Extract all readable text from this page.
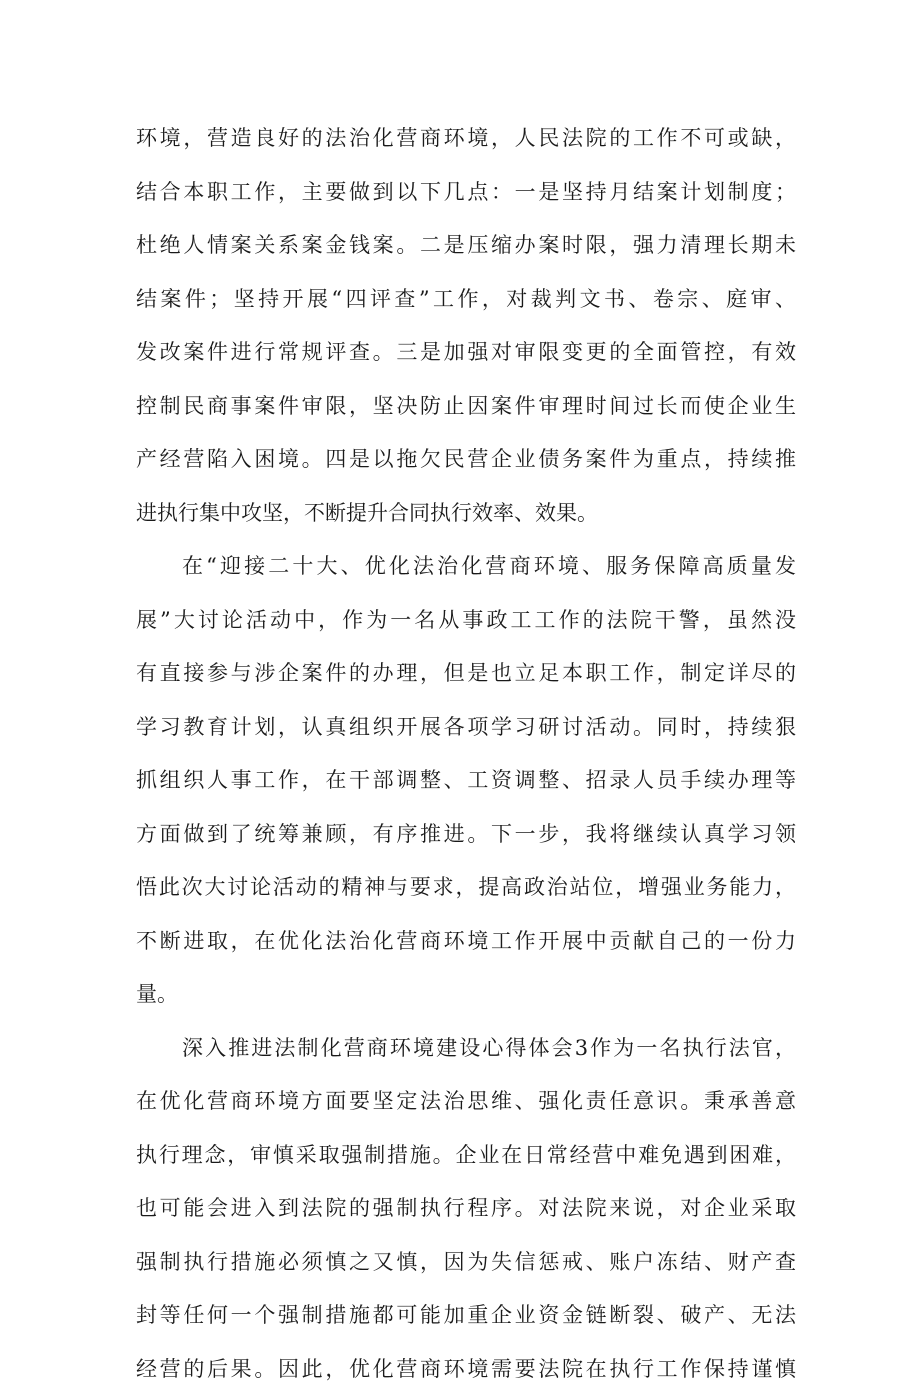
环境，营造良好的法治化营商环境，人民法院的工作不可或缺，
结合本职工作，主要做到以下几点：一是坚持月结案计划制度；
杜绝人情案关系案金钱案。二是压缩办案时限，强力清理长期未
结案件；坚持开展“四评查”工作，对裁判文书、卷宗、庭审、
发改案件进行常规评查。三是加强对审限变更的全面管控，有效
控制民商事案件审限，坚决防止因案件审理时间过长而使企业生
产经营陷入困境。四是以拖欠民营企业债务案件为重点，持续推
进执行集中攻坚，不断提升合同执行效率、效果。

在“迎接二十大、优化法治化营商环境、服务保障高质量发
展”大讨论活动中，作为一名从事政工工作的法院干警，虽然没
有直接参与涉企案件的办理，但是也立足本职工作，制定详尽的
学习教育计划，认真组织开展各项学习研讨活动。同时，持续狠
抓组织人事工作，在干部调整、工资调整、招录人员手续办理等
方面做到了统筹兼顾，有序推进。下一步，我将继续认真学习领
悟此次大讨论活动的精神与要求，提高政治站位，增强业务能力，
不断进取，在优化法治化营商环境工作开展中贡献自己的一份力
量。

深入推进法制化营商环境建设心得体会3作为一名执行法官，
在优化营商环境方面要坚定法治思维、强化责任意识。秉承善意
执行理念，审慎采取强制措施。企业在日常经营中难免遇到困难，
也可能会进入到法院的强制执行程序。对法院来说，对企业采取
强制执行措施必须慎之又慎，因为失信惩戒、账户冻结、财产查
封等任何一个强制措施都可能加重企业资金链断裂、破产、无法
经营的后果。因此，优化营商环境需要法院在执行工作保持谨慎
